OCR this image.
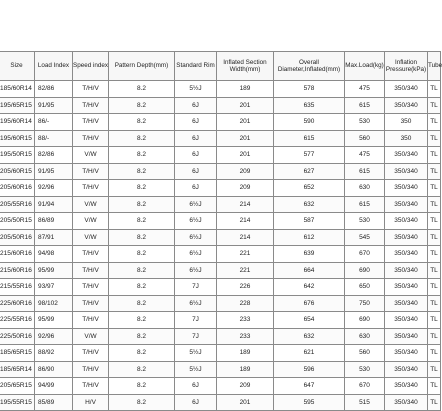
Size	Load Index	Speed index	Pattern Depth(mm)	Standard Rim	Inflated Section Width(mm)	Overall Diameter,Inflated(mm)	Max.Load(kg)	Inflation Pressure(kPa)	Tube
185/60R14	82/86	T/H/V	8.2	5½J	189	578	475	350/340	TL
195/65R15	91/95	T/H/V	8.2	6J	201	635	615	350/340	TL
195/60R14	86/-	T/H/V	8.2	6J	201	590	530	350	TL
195/60R15	88/-	T/H/V	8.2	6J	201	615	560	350	TL
195/50R15	82/86	V/W	8.2	6J	201	577	475	350/340	TL
205/60R15	91/95	T/H/V	8.2	6J	209	627	615	350/340	TL
205/60R16	92/96	T/H/V	8.2	6J	209	652	630	350/340	TL
205/55R16	91/94	V/W	8.2	6½J	214	632	615	350/340	TL
205/50R15	86/89	V/W	8.2	6½J	214	587	530	350/340	TL
205/50R16	87/91	V/W	8.2	6½J	214	612	545	350/340	TL
215/60R16	94/98	T/H/V	8.2	6½J	221	639	670	350/340	TL
215/60R16	95/99	T/H/V	8.2	6½J	221	664	690	350/340	TL
215/55R16	93/97	T/H/V	8.2	7J	226	642	650	350/340	TL
225/60R16	98/102	T/H/V	8.2	6½J	228	676	750	350/340	TL
225/55R16	95/99	T/H/V	8.2	7J	233	654	690	350/340	TL
225/50R16	92/96	V/W	8.2	7J	233	632	630	350/340	TL
185/65R15	88/92	T/H/V	8.2	5½J	189	621	560	350/340	TL
185/65R14	86/90	T/H/V	8.2	5½J	189	596	530	350/340	TL
205/65R15	94/99	T/H/V	8.2	6J	209	647	670	350/340	TL
195/55R15	85/89	H/V	8.2	6J	201	595	515	350/340	TL
